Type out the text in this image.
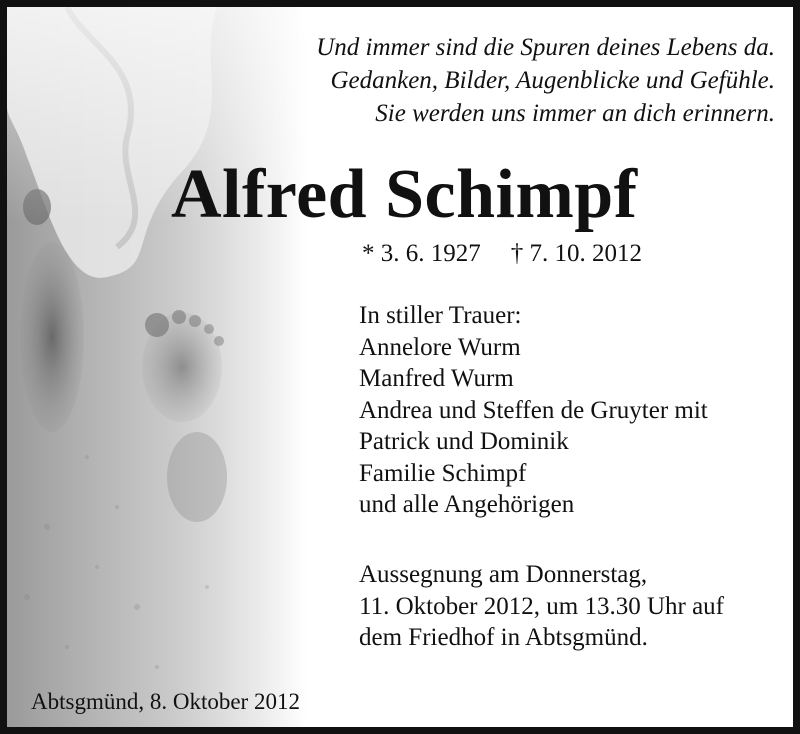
Und immer sind die Spuren deines Lebens da.
Gedanken, Bilder, Augenblicke und Gefühle.
Sie werden uns immer an dich erinnern.
Alfred Schimpf
* 3. 6. 1927 † 7. 10. 2012
In stiller Trauer:
Annelore Wurm
Manfred Wurm
Andrea und Steffen de Gruyter mit
Patrick und Dominik
Familie Schimpf
und alle Angehörigen
Aussegnung am Donnerstag,
11. Oktober 2012, um 13.30 Uhr auf
dem Friedhof in Abtsgmünd.
Abtsgmünd, 8. Oktober 2012
